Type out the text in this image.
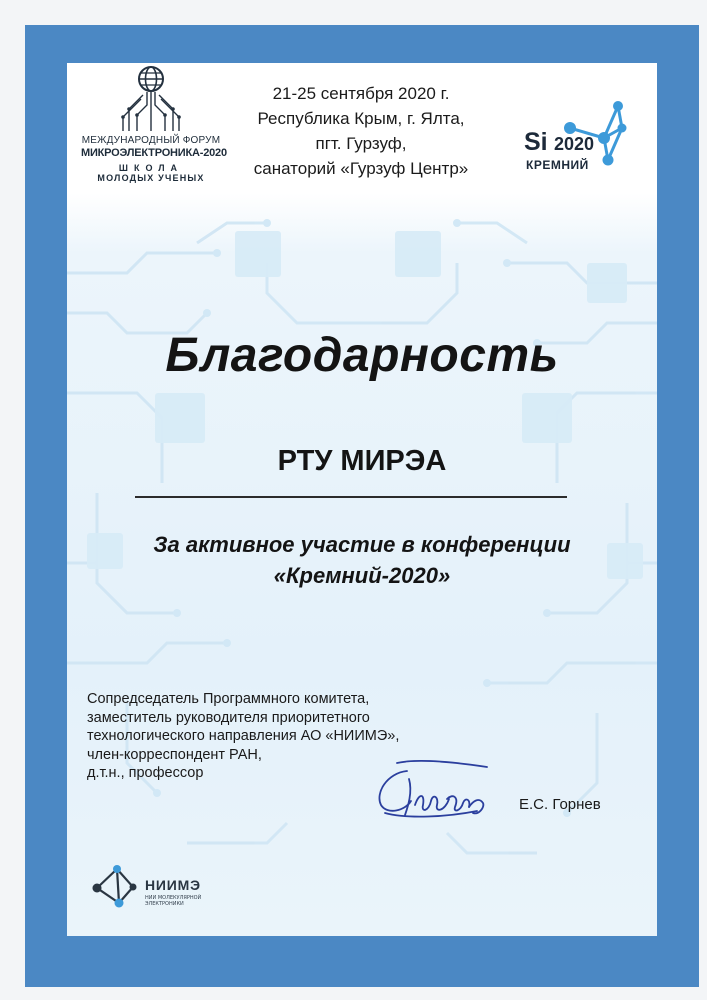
МЕЖДУНАРОДНЫЙ ФОРУМ
МИКРОЭЛЕКТРОНИКА-2020
ШКОЛА
МОЛОДЫХ УЧЕНЫХ
21-25 сентября 2020 г.
Республика Крым, г. Ялта,
пгт. Гурзуф,
санаторий «Гурзуф Центр»
Si 2020
КРЕМНИЙ
Благодарность
РТУ МИРЭА
За активное участие в конференции
«Кремний-2020»
Сопредседатель Программного комитета,
заместитель руководителя приоритетного
технологического направления АО «НИИМЭ»,
член-корреспондент РАН,
д.т.н., профессор
Е.С. Горнев
НИИМЭ
НИИ МОЛЕКУЛЯРНОЙ
ЭЛЕКТРОНИКИ
